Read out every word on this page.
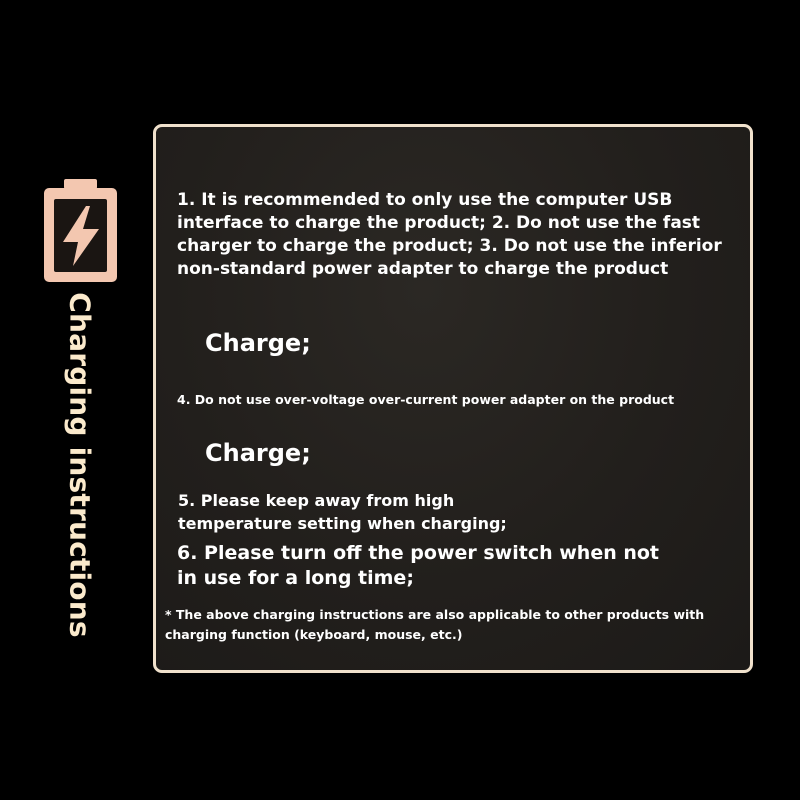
Charging instructions
1. It is recommended to only use the computer USB
interface to charge the product; 2. Do not use the fast
charger to charge the product; 3. Do not use the inferior
non-standard power adapter to charge the product
Charge;
4. Do not use over-voltage over-current power adapter on the product
Charge;
5. Please keep away from high
temperature setting when charging;
6. Please turn off the power switch when not
in use for a long time;
* The above charging instructions are also applicable to other products with
charging function (keyboard, mouse, etc.)
